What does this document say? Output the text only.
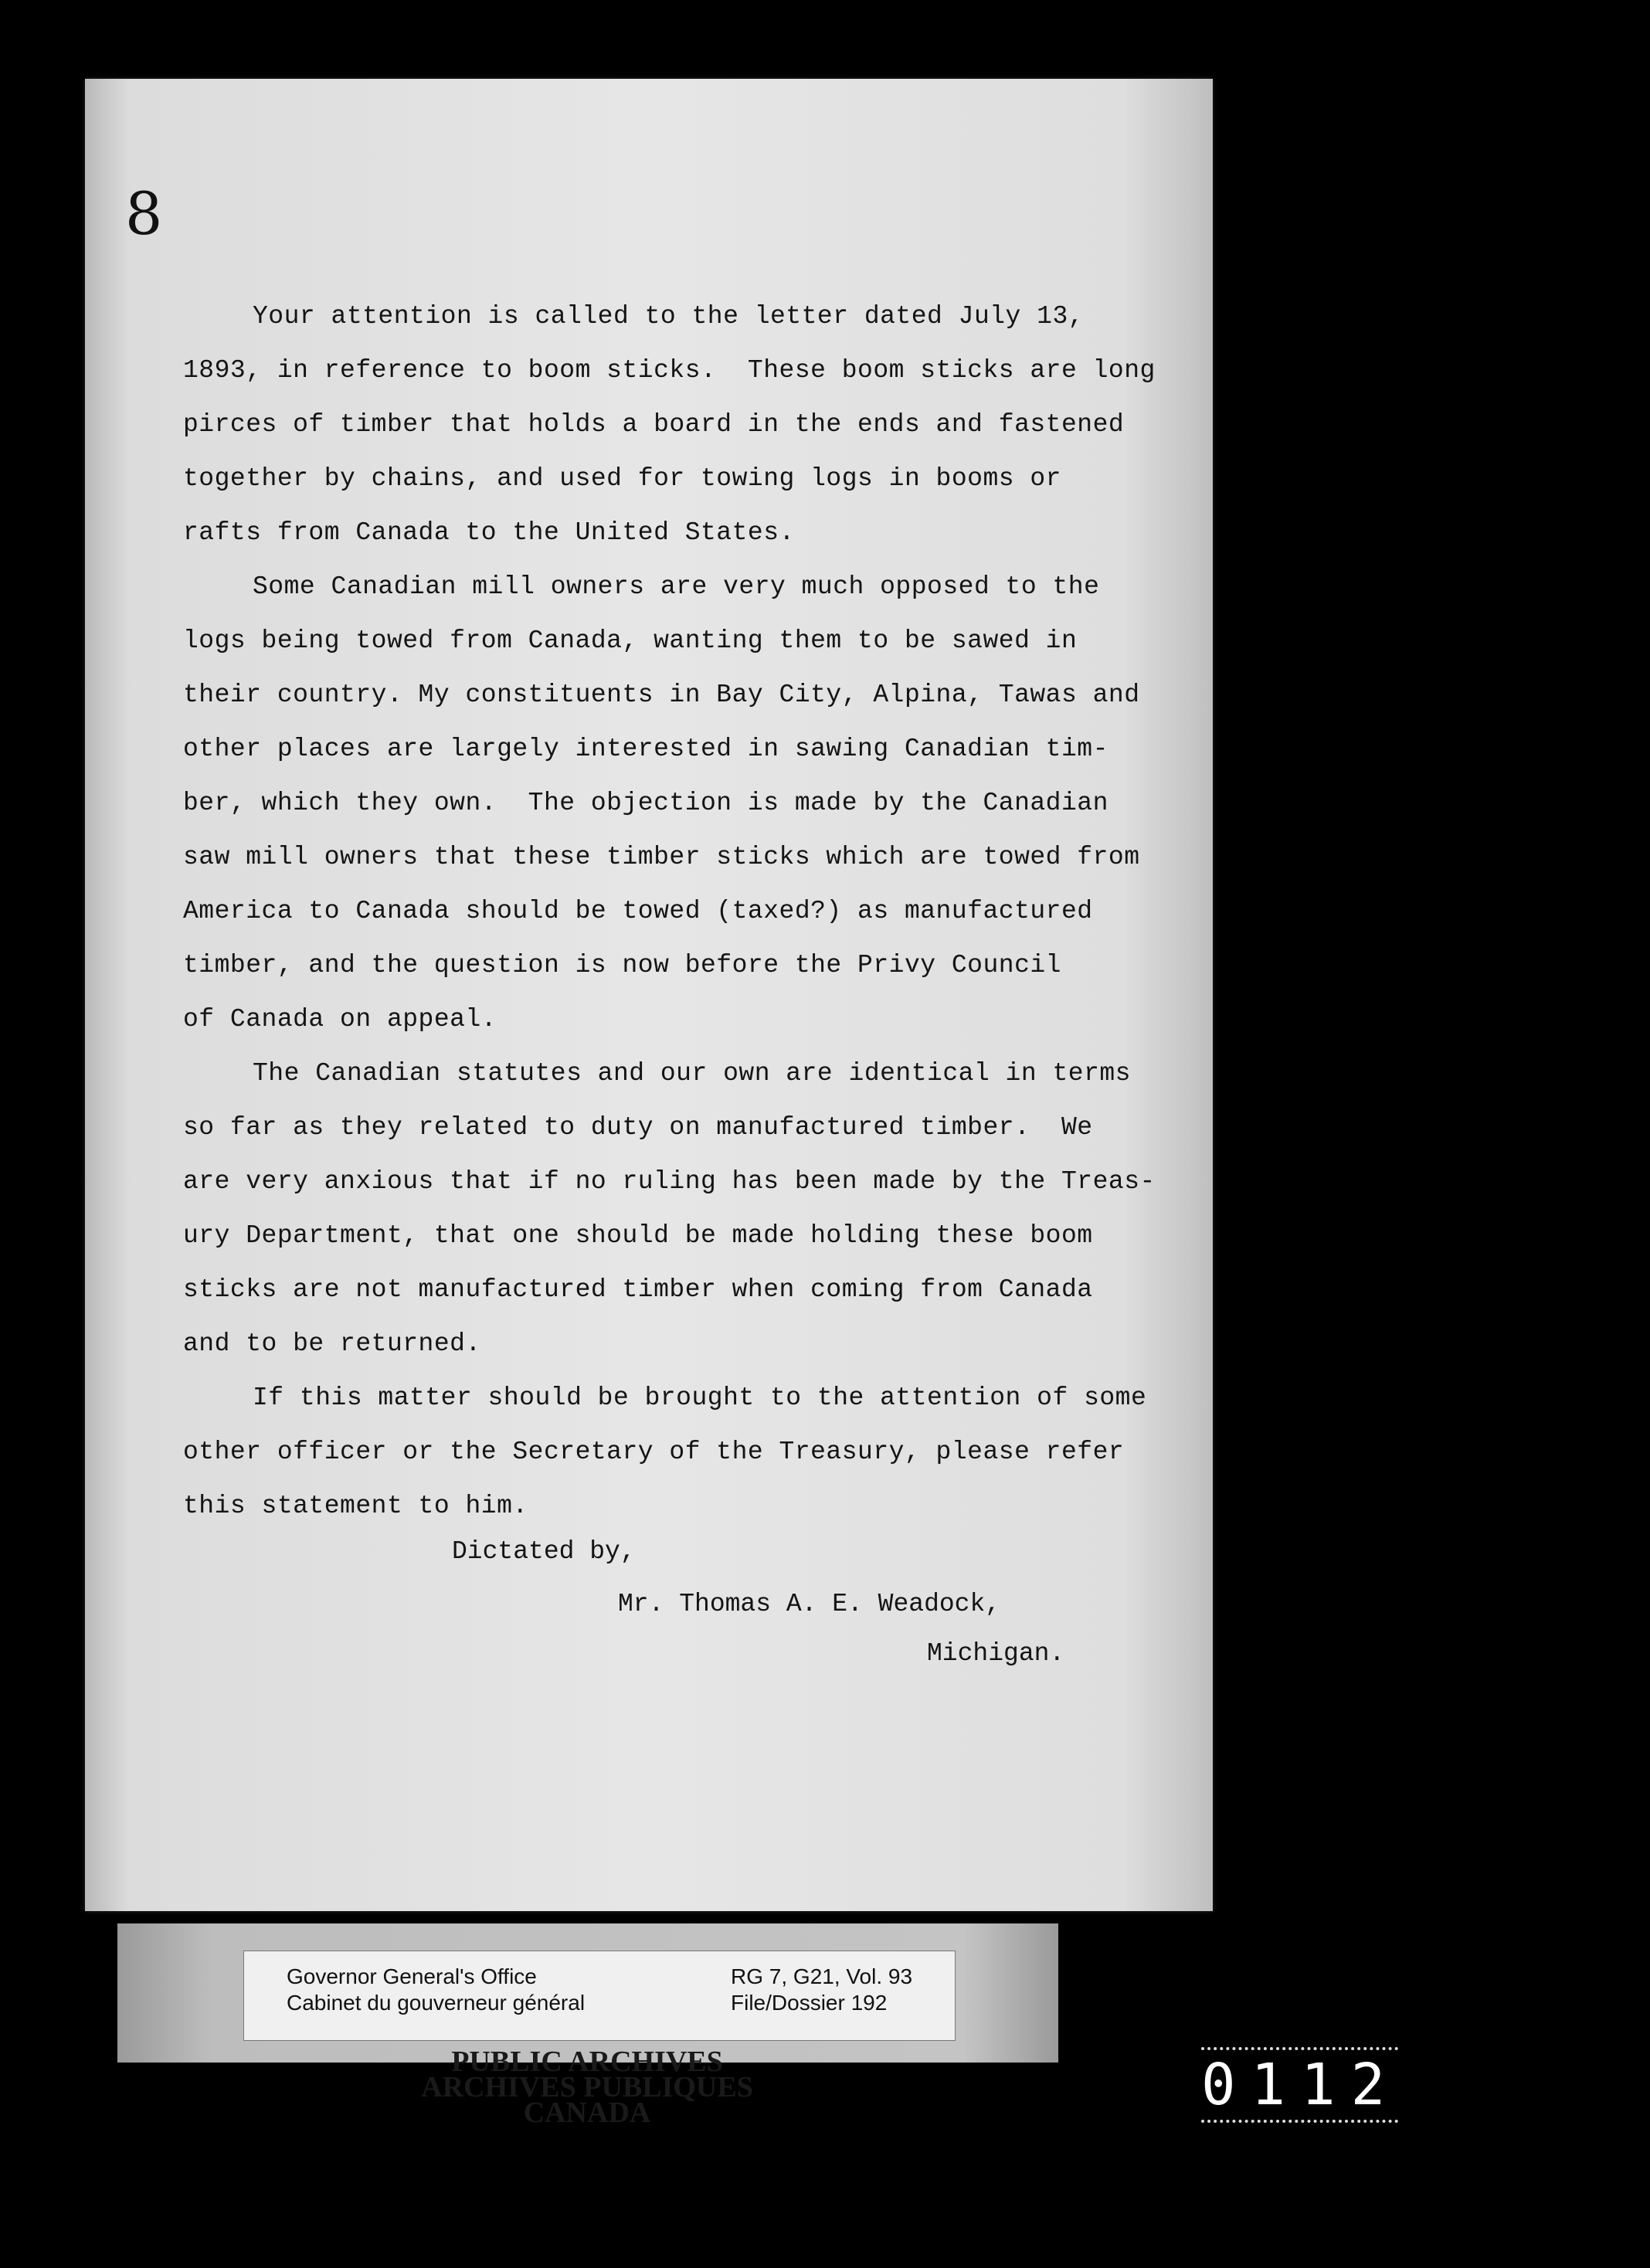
8

Your attention is called to the letter dated July 13,
1893, in reference to boom sticks.  These boom sticks are long
pirces of timber that holds a board in the ends and fastened
together by chains, and used for towing logs in booms or
rafts from Canada to the United States.

Some Canadian mill owners are very much opposed to the
logs being towed from Canada, wanting them to be sawed in
their country. My constituents in Bay City, Alpina, Tawas and
other places are largely interested in sawing Canadian tim-
ber, which they own.  The objection is made by the Canadian
saw mill owners that these timber sticks which are towed from
America to Canada should be towed (taxed?) as manufactured
timber, and the question is now before the Privy Council
of Canada on appeal.

The Canadian statutes and our own are identical in terms
so far as they related to duty on manufactured timber.  We
are very anxious that if no ruling has been made by the Treas-
ury Department, that one should be made holding these boom
sticks are not manufactured timber when coming from Canada
and to be returned.

If this matter should be brought to the attention of some
other officer or the Secretary of the Treasury, please refer
this statement to him.

Dictated by,
Mr. Thomas A. E. Weadock,
Michigan.
Governor General's Office
Cabinet du gouverneur général
RG 7, G21, Vol. 93
File/Dossier 192
PUBLIC ARCHIVES
ARCHIVES PUBLIQUES
CANADA	0112
